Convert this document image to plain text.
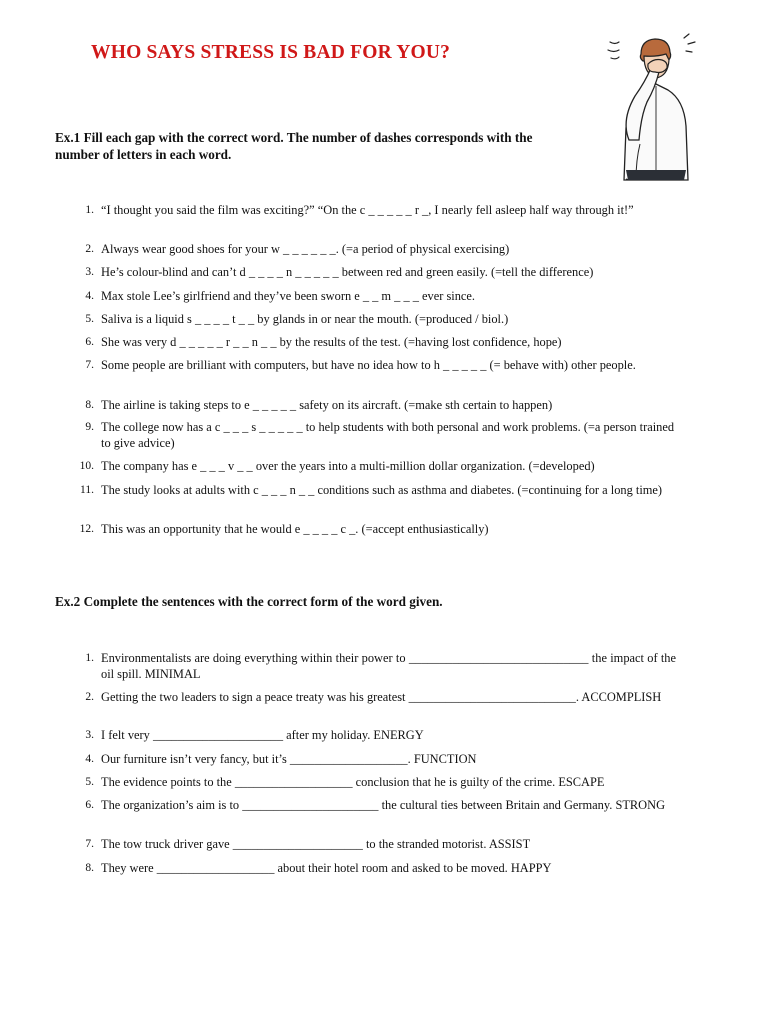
WHO SAYS STRESS IS BAD FOR YOU?

Ex.1 Fill each gap with the correct word. The number of dashes corresponds with the number of letters in each word.

1. “I thought you said the film was exciting?” “On the c _ _ _ _ _ r _, I nearly fell asleep half way through it!”
2. Always wear good shoes for your w _ _ _ _ _ _. (=a period of physical exercising)
3. He’s colour-blind and can’t d _ _ _ _ n _ _ _ _ _ between red and green easily. (=tell the difference)
4. Max stole Lee’s girlfriend and they’ve been sworn e _ _ m _ _ _ ever since.
5. Saliva is a liquid s _ _ _ _ t _ _ by glands in or near the mouth. (=produced / biol.)
6. She was very d _ _ _ _ _ r _ _ n _ _ by the results of the test. (=having lost confidence, hope)
7. Some people are brilliant with computers, but have no idea how to h _ _ _ _ _ (= behave with) other people.
8. The airline is taking steps to e _ _ _ _ _ safety on its aircraft. (=make sth certain to happen)
9. The college now has a c _ _ _ s _ _ _ _ _ to help students with both personal and work problems. (=a person trained to give advice)
10. The company has e _ _ _ v _ _ over the years into a multi-million dollar organization. (=developed)
11. The study looks at adults with c _ _ _ n _ _ conditions such as asthma and diabetes. (=continuing for a long time)
12. This was an opportunity that he would e _ _ _ _ c _. (=accept enthusiastically)

Ex.2 Complete the sentences with the correct form of the word given.

1. Environmentalists are doing everything within their power to _____________________________ the impact of the oil spill. MINIMAL
2. Getting the two leaders to sign a peace treaty was his greatest ___________________________. ACCOMPLISH
3. I felt very _____________________ after my holiday. ENERGY
4. Our furniture isn’t very fancy, but it’s ___________________. FUNCTION
5. The evidence points to the ___________________ conclusion that he is guilty of the crime. ESCAPE
6. The organization’s aim is to ______________________ the cultural ties between Britain and Germany. STRONG
7. The tow truck driver gave _____________________ to the stranded motorist. ASSIST
8. They were ___________________ about their hotel room and asked to be moved. HAPPY
